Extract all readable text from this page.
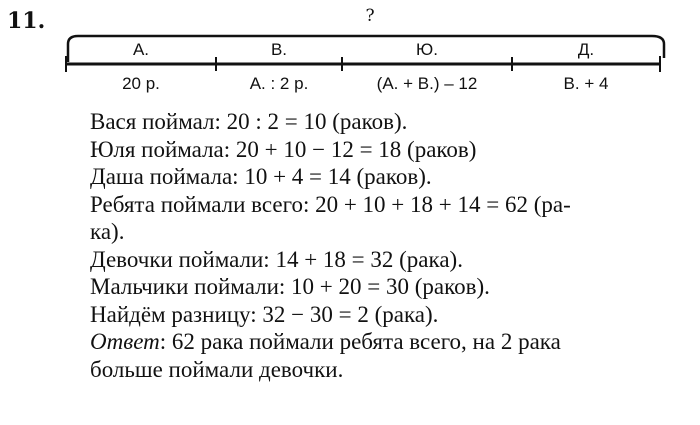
11.	?
А.	В.	Ю.	Д.
20 р.	А. : 2 р.	(А. + В.) – 12	В. + 4
Вася поймал: 20 : 2 = 10 (раков).
Юля поймала: 20 + 10 − 12 = 18 (раков)
Даша поймала: 10 + 4 = 14 (раков).
Ребята поймали всего: 20 + 10 + 18 + 14 = 62 (ра-
ка).
Девочки поймали: 14 + 18 = 32 (рака).
Мальчики поймали: 10 + 20 = 30 (раков).
Найдём разницу: 32 − 30 = 2 (рака).
Ответ: 62 рака поймали ребята всего, на 2 рака
больше поймали девочки.
